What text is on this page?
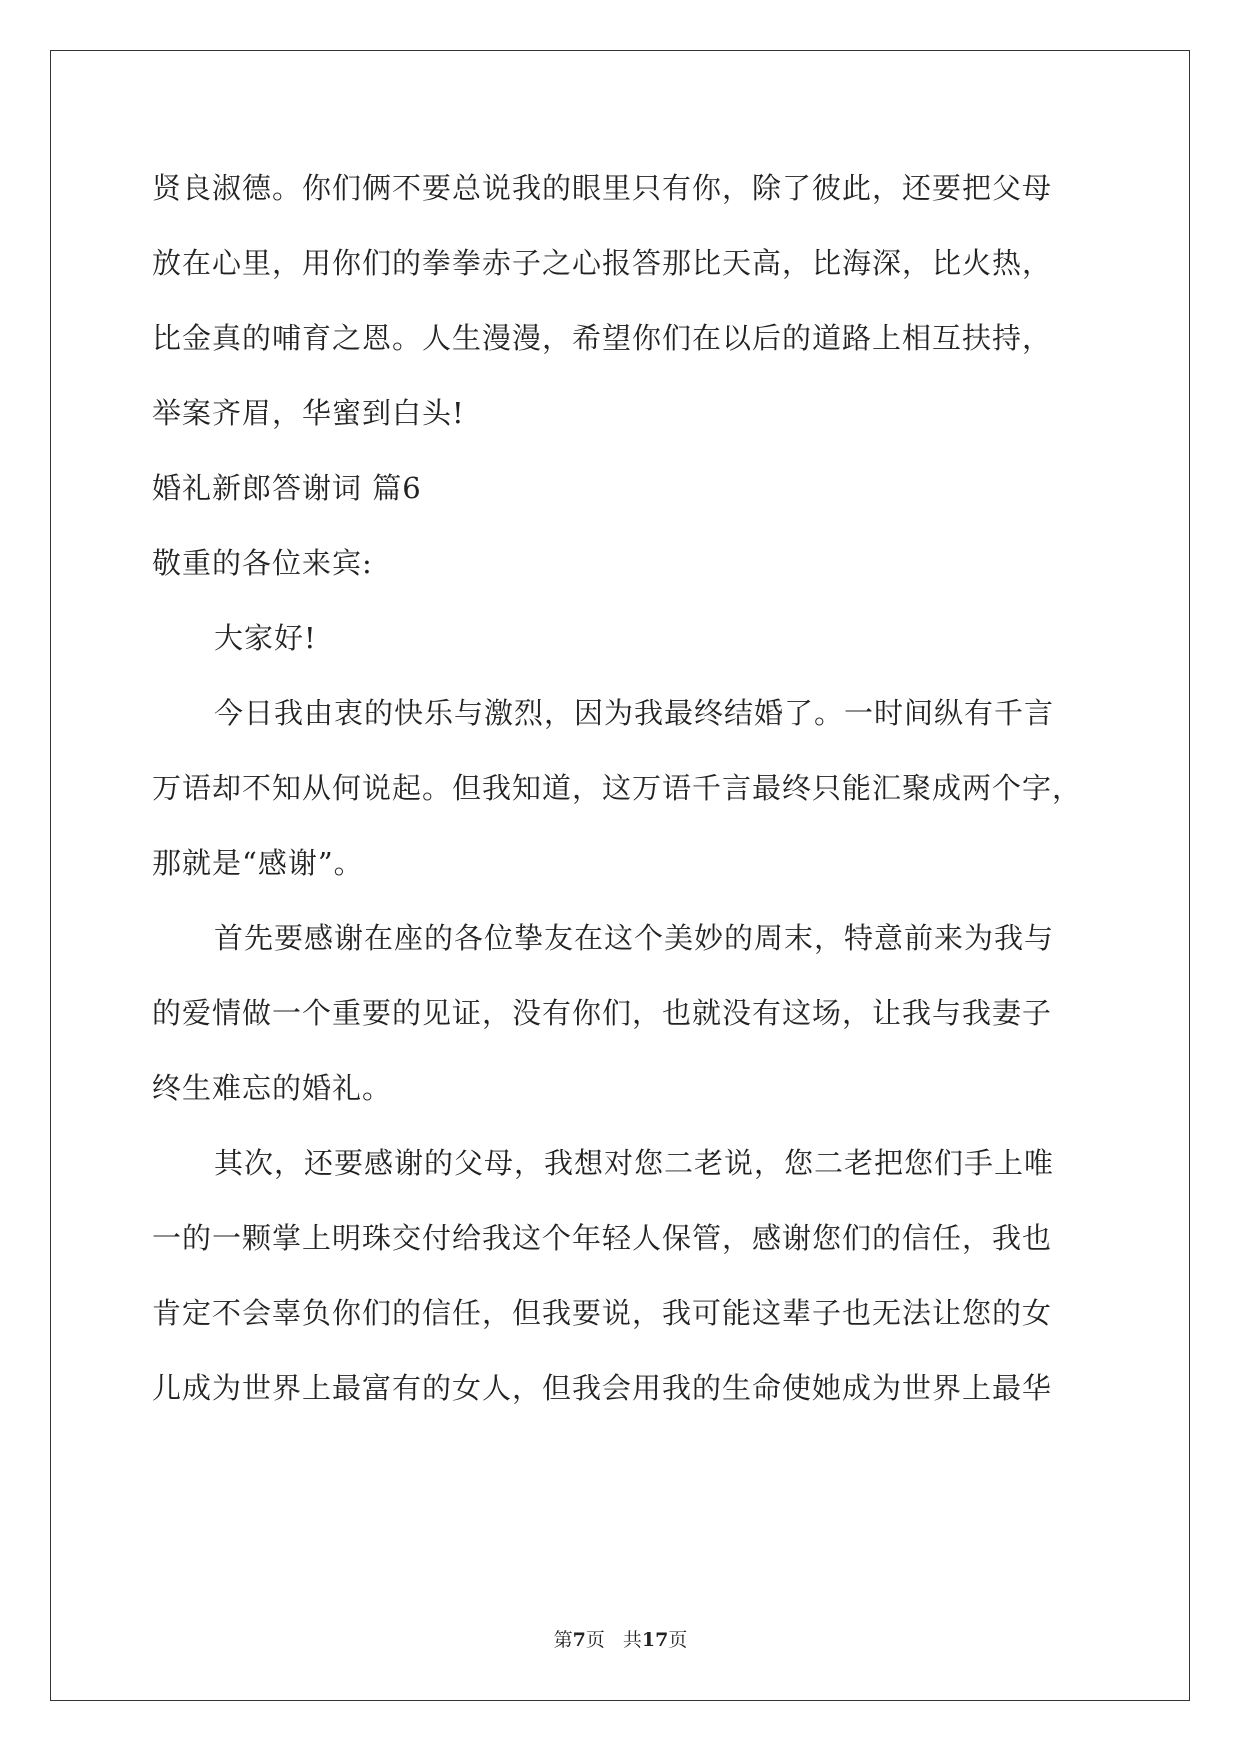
贤良淑德。你们俩不要总说我的眼里只有你，除了彼此，还要把父母
放在心里，用你们的拳拳赤子之心报答那比天高，比海深，比火热，
比金真的哺育之恩。人生漫漫，希望你们在以后的道路上相互扶持，
举案齐眉，华蜜到白头!
婚礼新郎答谢词 篇6
敬重的各位来宾:
大家好!
今日我由衷的快乐与激烈，因为我最终结婚了。一时间纵有千言
万语却不知从何说起。但我知道，这万语千言最终只能汇聚成两个字，
那就是“感谢”。
首先要感谢在座的各位挚友在这个美妙的周末，特意前来为我与
的爱情做一个重要的见证，没有你们，也就没有这场，让我与我妻子
终生难忘的婚礼。
其次，还要感谢的父母，我想对您二老说，您二老把您们手上唯
一的一颗掌上明珠交付给我这个年轻人保管，感谢您们的信任，我也
肯定不会辜负你们的信任，但我要说，我可能这辈子也无法让您的女
儿成为世界上最富有的女人，但我会用我的生命使她成为世界上最华
第7页 共17页
